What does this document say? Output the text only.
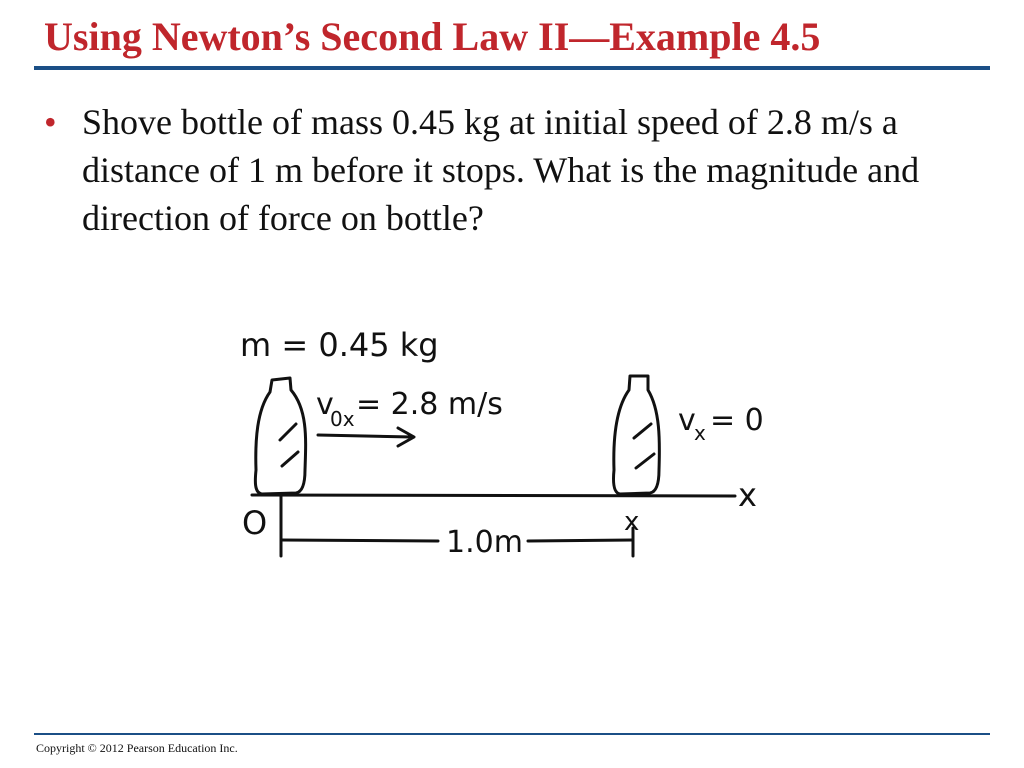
Using Newton’s Second Law II—Example 4.5
• Shove bottle of mass 0.45 kg at initial speed of 2.8 m/s a distance of 1 m before it stops. What is the magnitude and direction of force on bottle?

m = 0.45 kg
v
0x = 2.8 m/s	v
x = 0
x
O	x
1.0m
Copyright © 2012 Pearson Education Inc.
